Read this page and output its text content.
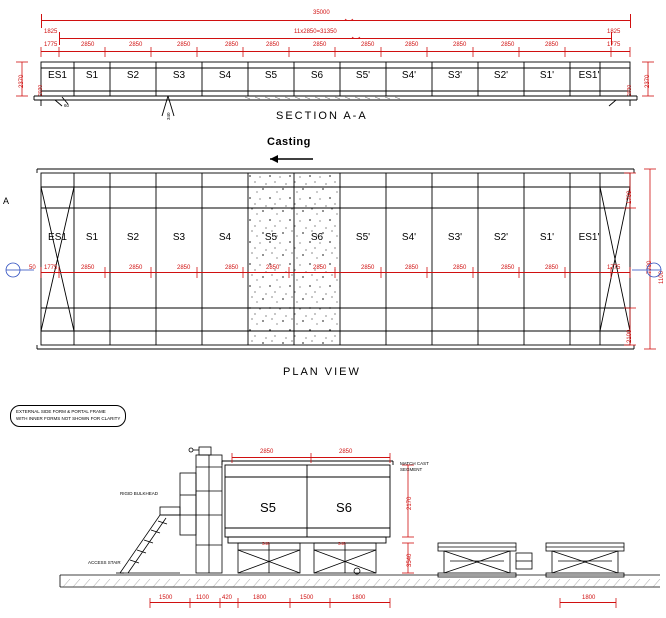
35000
11x2850=31350
1825	1825
1775	1775
2850	2850	2850	2850	2850	2850	2850	2850	2850	2850	2850
2370
2030
2370
2030
60
340
ES1	S1	S2	S3	S4	S5	S6	S5'	S4'	S3'	S2'	S1'	ES1'
SECTION A-A
Casting
50 1775	1775
2850	2850	2850	2850	2850	2850	2850	2850	2850	2850	2850
ES1	S1	S2	S3	S4	S5	S6	S5'	S4'	S3'	S2'	S1'	ES1'
1700
2100
7700
1100
A
PLAN VIEW
EXTERNAL SIDE FORM & PORTAL FRAME
WITH INNER FORMS NOT SHOWN FOR CLARITY
S5	S6
2850	2850
2170
3540
1500	1100 420	1800	1500	1800	1800
MATCH CAST
SEGMENT
ACCESS STAIR
RIGID BULKHEAD
340	340
